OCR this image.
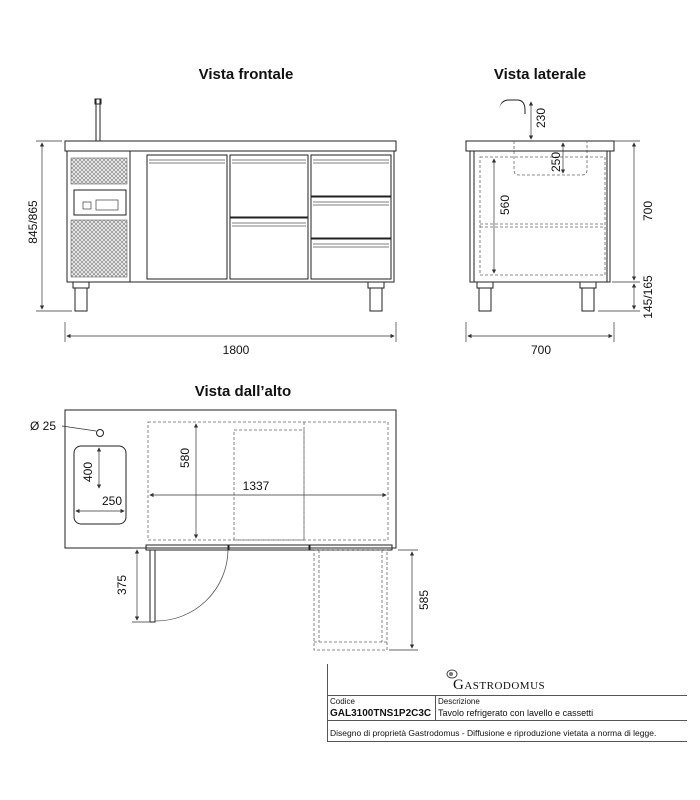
Vista frontale	Vista laterale
Vista dall’alto
845/865
1800
230
250
560	700
145/165
700
Ø 25
400
250
580
1337
375
585
Gastrodomus
Codice
GAL3100TNS1P2C3C
Descrizione
Tavolo refrigerato con lavello e cassetti
Disegno di proprietà Gastrodomus - Diffusione e riproduzione vietata a norma di legge.
